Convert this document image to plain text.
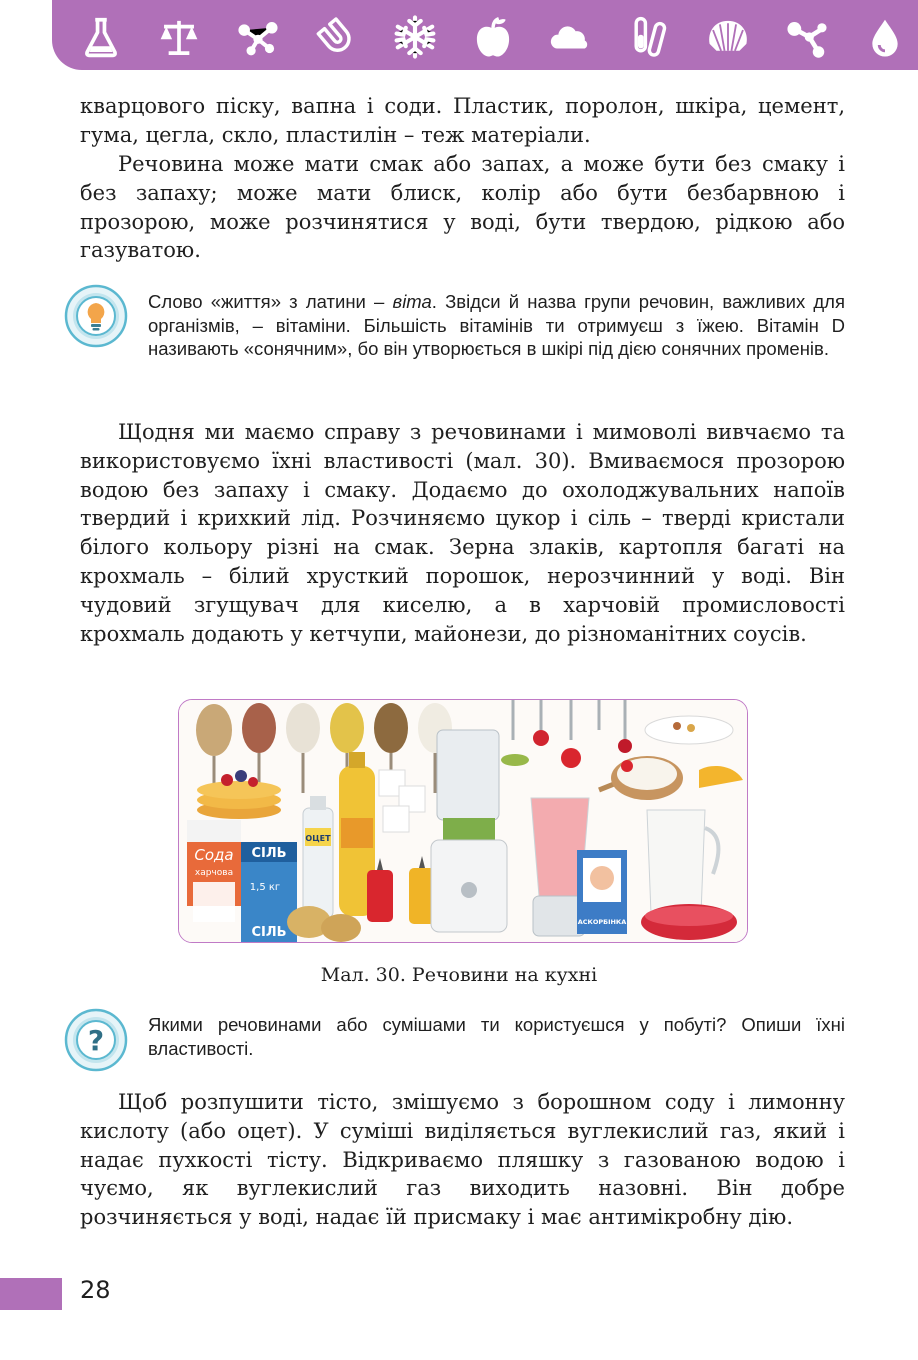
кварцового піску, вапна і соди. Пластик, поролон, шкіра, цемент, гума, цегла, скло, пластилін – теж матеріали.

Речовина може мати смак або запах, а може бути без смаку і без запаху; може мати блиск, колір або бути безбарвною і прозорою, може розчинятися у воді, бути твердою, рідкою або газуватою.

Слово «життя» з латини – віта. Звідси й назва групи речовин, важливих для організмів, – вітаміни. Більшість вітамінів ти отримуєш з їжею. Вітамін D називають «сонячним», бо він утворюється в шкірі під дією сонячних променів.

Щодня ми маємо справу з речовинами і мимоволі вивчаємо та використовуємо їхні властивості (мал. 30). Вмиваємося прозорою водою без запаху і смаку. Додаємо до охолоджувальних напоїв твердий і крихкий лід. Розчиняємо цукор і сіль – тверді кристали білого кольору різні на смак. Зерна злаків, картопля багаті на крохмаль – білий хрусткий порошок, нерозчинний у воді. Він чудовий згущувач для киселю, а в харчовій промисловості крохмаль додають у кетчупи, майонези, до різноманітних соусів.

Сода
харчова
СІЛЬ
1,5 кг
СІЛЬ
ОЦЕТ
АСКОРБІНКА
Мал. 30. Речовини на кухні
? Якими речовинами або сумішами ти користуєшся у побуті? Опиши їхні властивості.

Щоб розпушити тісто, змішуємо з борошном соду і лимонну кислоту (або оцет). У суміші виділяється вуглекислий газ, який і надає пухкості тісту. Відкриваємо пляшку з газованою водою і чуємо, як вуглекислий газ виходить назовні. Він добре розчиняється у воді, надає їй присмаку і має антимікробну дію.

28
